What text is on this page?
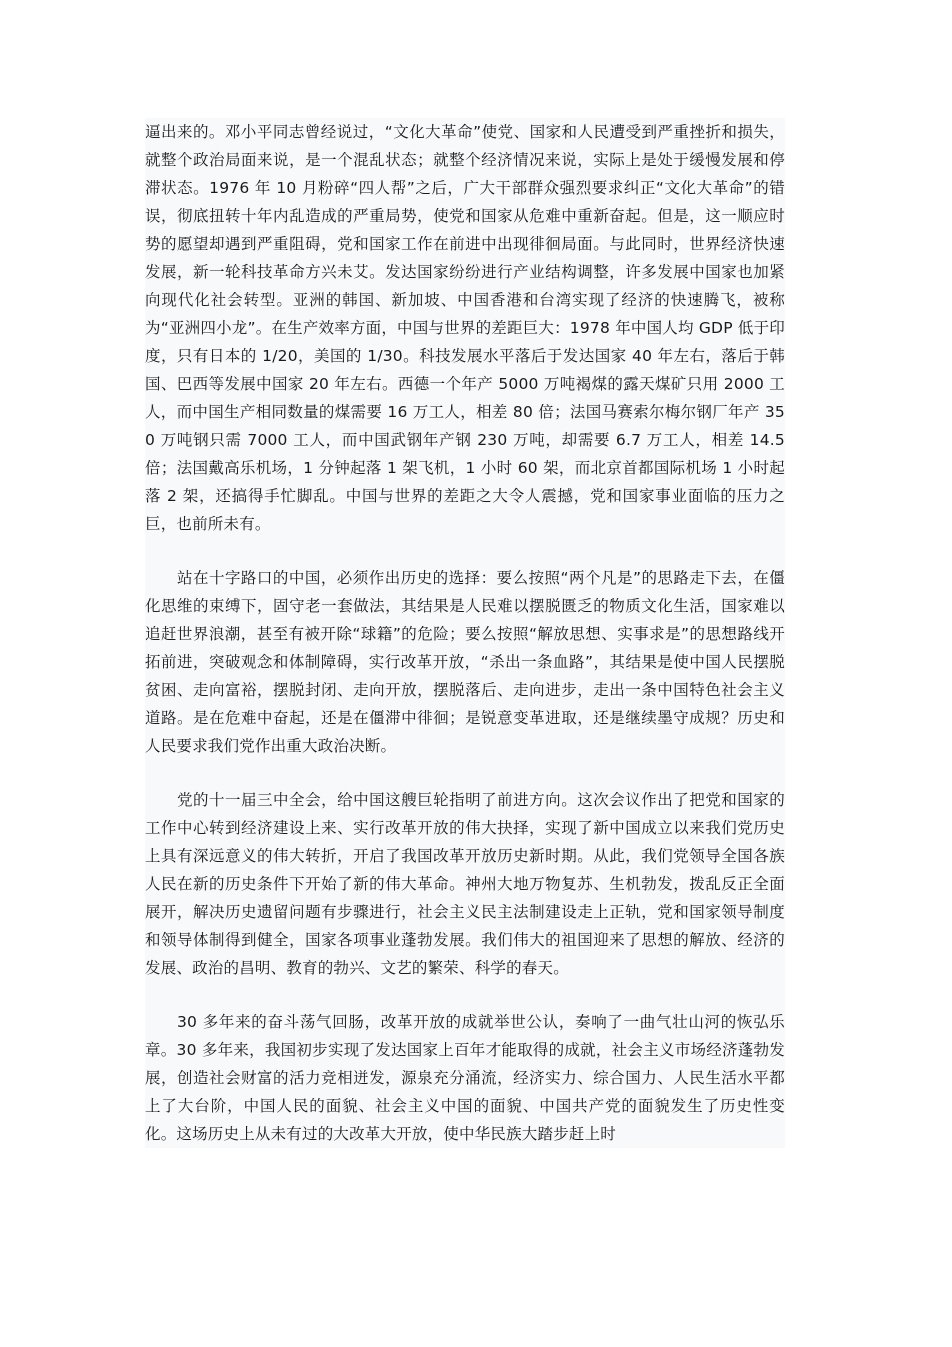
逼出来的。邓小平同志曾经说过，“文化大革命”使党、国家和人民遭受到严重挫折和损失，就整个政治局面来说，是一个混乱状态；就整个经济情况来说，实际上是处于缓慢发展和停滞状态。1976 年 10 月粉碎“四人帮”之后，广大干部群众强烈要求纠正“文化大革命”的错误，彻底扭转十年内乱造成的严重局势，使党和国家从危难中重新奋起。但是，这一顺应时势的愿望却遇到严重阻碍，党和国家工作在前进中出现徘徊局面。与此同时，世界经济快速发展，新一轮科技革命方兴未艾。发达国家纷纷进行产业结构调整，许多发展中国家也加紧向现代化社会转型。亚洲的韩国、新加坡、中国香港和台湾实现了经济的快速腾飞，被称为“亚洲四小龙”。在生产效率方面，中国与世界的差距巨大：1978 年中国人均 GDP 低于印度，只有日本的 1/20，美国的 1/30。科技发展水平落后于发达国家 40 年左右，落后于韩国、巴西等发展中国家 20 年左右。西德一个年产 5000 万吨褐煤的露天煤矿只用 2000 工人，而中国生产相同数量的煤需要 16 万工人，相差 80 倍；法国马赛索尔梅尔钢厂年产 350 万吨钢只需 7000 工人，而中国武钢年产钢 230 万吨，却需要 6.7 万工人，相差 14.5 倍；法国戴高乐机场，1 分钟起落 1 架飞机，1 小时 60 架，而北京首都国际机场 1 小时起落 2 架，还搞得手忙脚乱。中国与世界的差距之大令人震撼，党和国家事业面临的压力之巨，也前所未有。

站在十字路口的中国，必须作出历史的选择：要么按照“两个凡是”的思路走下去，在僵化思维的束缚下，固守老一套做法，其结果是人民难以摆脱匮乏的物质文化生活，国家难以追赶世界浪潮，甚至有被开除“球籍”的危险；要么按照“解放思想、实事求是”的思想路线开拓前进，突破观念和体制障碍，实行改革开放，“杀出一条血路”，其结果是使中国人民摆脱贫困、走向富裕，摆脱封闭、走向开放，摆脱落后、走向进步，走出一条中国特色社会主义道路。是在危难中奋起，还是在僵滞中徘徊；是锐意变革进取，还是继续墨守成规？历史和人民要求我们党作出重大政治决断。

党的十一届三中全会，给中国这艘巨轮指明了前进方向。这次会议作出了把党和国家的工作中心转到经济建设上来、实行改革开放的伟大抉择，实现了新中国成立以来我们党历史上具有深远意义的伟大转折，开启了我国改革开放历史新时期。从此，我们党领导全国各族人民在新的历史条件下开始了新的伟大革命。神州大地万物复苏、生机勃发，拨乱反正全面展开，解决历史遗留问题有步骤进行，社会主义民主法制建设走上正轨，党和国家领导制度和领导体制得到健全，国家各项事业蓬勃发展。我们伟大的祖国迎来了思想的解放、经济的发展、政治的昌明、教育的勃兴、文艺的繁荣、科学的春天。

30 多年来的奋斗荡气回肠，改革开放的成就举世公认，奏响了一曲气壮山河的恢弘乐章。30 多年来，我国初步实现了发达国家上百年才能取得的成就，社会主义市场经济蓬勃发展，创造社会财富的活力竞相迸发，源泉充分涌流，经济实力、综合国力、人民生活水平都上了大台阶，中国人民的面貌、社会主义中国的面貌、中国共产党的面貌发生了历史性变化。这场历史上从未有过的大改革大开放，使中华民族大踏步赶上时
